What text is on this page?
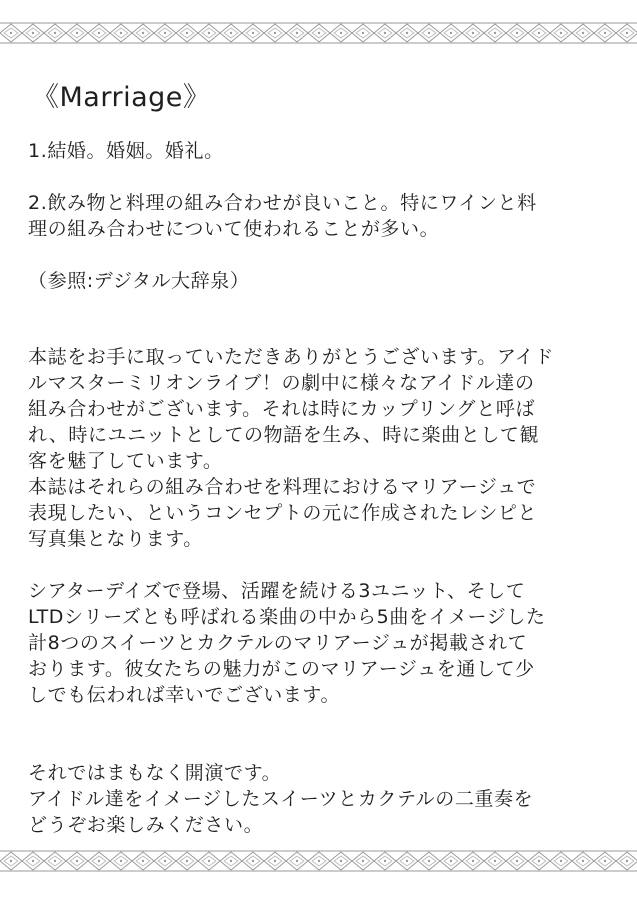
《Marriage》

1.結婚。婚姻。婚礼。

2.飲み物と料理の組み合わせが良いこと。特にワインと料
理の組み合わせについて使われることが多い。

（参照:デジタル大辞泉）

本誌をお手に取っていただきありがとうございます。アイド
ルマスターミリオンライブ！の劇中に様々なアイドル達の
組み合わせがございます。それは時にカップリングと呼ば
れ、時にユニットとしての物語を生み、時に楽曲として観
客を魅了しています。
本誌はそれらの組み合わせを料理におけるマリアージュで
表現したい、というコンセプトの元に作成されたレシピと
写真集となります。

シアターデイズで登場、活躍を続ける3ユニット、そして
LTDシリーズとも呼ばれる楽曲の中から5曲をイメージした
計8つのスイーツとカクテルのマリアージュが掲載されて
おります。彼女たちの魅力がこのマリアージュを通して少
しでも伝われば幸いでございます。

それではまもなく開演です。
アイドル達をイメージしたスイーツとカクテルの二重奏を
どうぞお楽しみください。
